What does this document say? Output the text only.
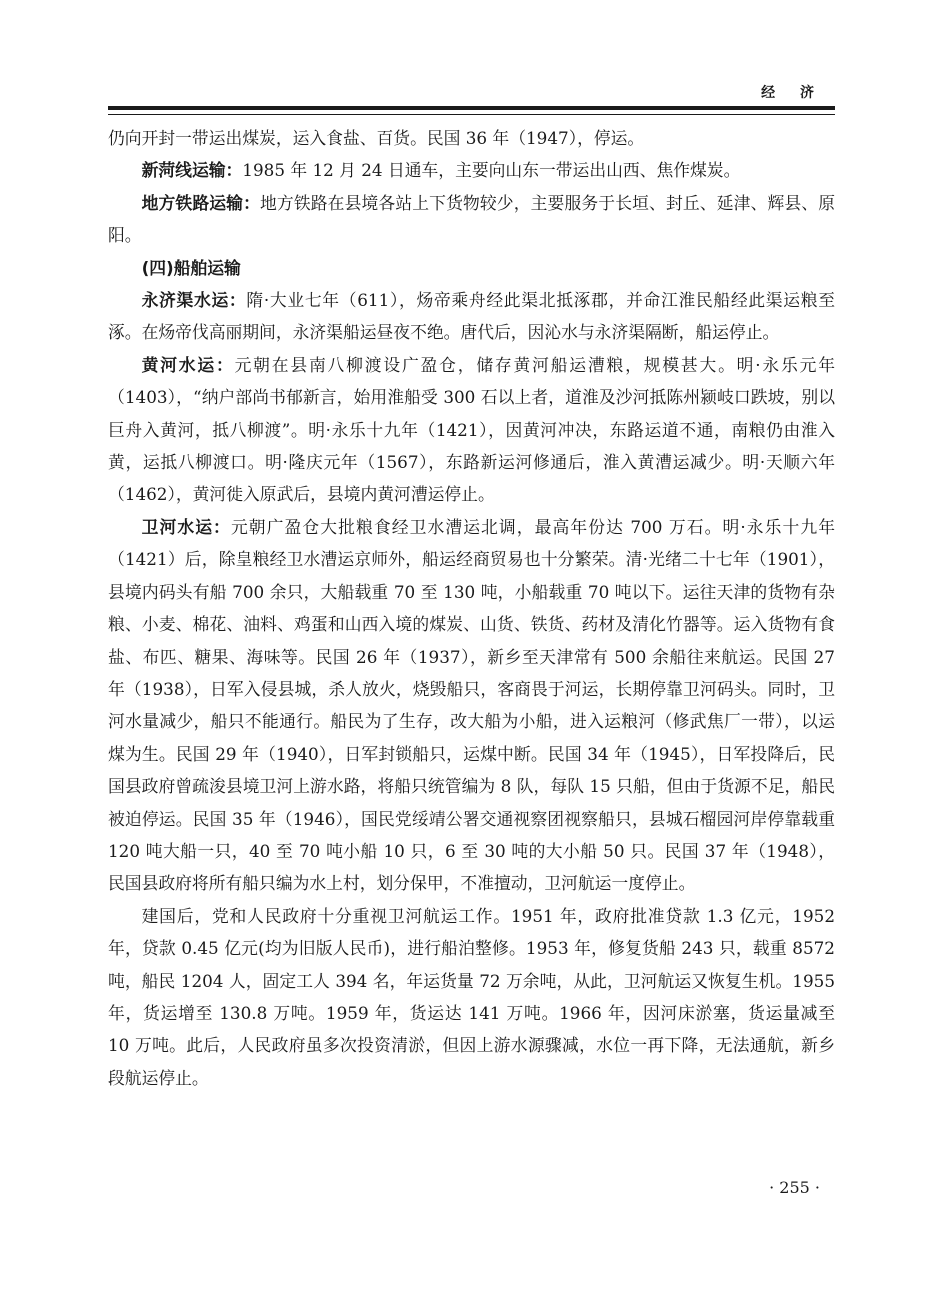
经 济

仍向开封一带运出煤炭，运入食盐、百货。民国 36 年（1947），停运。

新菏线运输：1985 年 12 月 24 日通车，主要向山东一带运出山西、焦作煤炭。

地方铁路运输：地方铁路在县境各站上下货物较少，主要服务于长垣、封丘、延津、辉县、原阳。

(四)船舶运输

永济渠水运：隋·大业七年（611），炀帝乘舟经此渠北抵涿郡，并命江淮民船经此渠运粮至涿。在炀帝伐高丽期间，永济渠船运昼夜不绝。唐代后，因沁水与永济渠隔断，船运停止。

黄河水运：元朝在县南八柳渡设广盈仓，储存黄河船运漕粮，规模甚大。明·永乐元年（1403），“纳户部尚书郁新言，始用淮船受 300 石以上者，道淮及沙河抵陈州颍岐口跌坡，别以巨舟入黄河，抵八柳渡”。明·永乐十九年（1421），因黄河冲决，东路运道不通，南粮仍由淮入黄，运抵八柳渡口。明·隆庆元年（1567），东路新运河修通后，淮入黄漕运减少。明·天顺六年（1462），黄河徙入原武后，县境内黄河漕运停止。

卫河水运：元朝广盈仓大批粮食经卫水漕运北调，最高年份达 700 万石。明·永乐十九年（1421）后，除皇粮经卫水漕运京师外，船运经商贸易也十分繁荣。清·光绪二十七年（1901），县境内码头有船 700 余只，大船载重 70 至 130 吨，小船载重 70 吨以下。运往天津的货物有杂粮、小麦、棉花、油料、鸡蛋和山西入境的煤炭、山货、铁货、药材及清化竹器等。运入货物有食盐、布匹、糖果、海味等。民国 26 年（1937），新乡至天津常有 500 余船往来航运。民国 27 年（1938），日军入侵县城，杀人放火，烧毁船只，客商畏于河运，长期停靠卫河码头。同时，卫河水量减少，船只不能通行。船民为了生存，改大船为小船，进入运粮河（修武焦厂一带），以运煤为生。民国 29 年（1940），日军封锁船只，运煤中断。民国 34 年（1945），日军投降后，民国县政府曾疏浚县境卫河上游水路，将船只统管编为 8 队，每队 15 只船，但由于货源不足，船民被迫停运。民国 35 年（1946），国民党绥靖公署交通视察团视察船只，县城石榴园河岸停靠载重 120 吨大船一只，40 至 70 吨小船 10 只，6 至 30 吨的大小船 50 只。民国 37 年（1948），民国县政府将所有船只编为水上村，划分保甲，不准擅动，卫河航运一度停止。

建国后，党和人民政府十分重视卫河航运工作。1951 年，政府批准贷款 1.3 亿元，1952 年，贷款 0.45 亿元(均为旧版人民币)，进行船泊整修。1953 年，修复货船 243 只，载重 8572 吨，船民 1204 人，固定工人 394 名，年运货量 72 万余吨，从此，卫河航运又恢复生机。1955 年，货运增至 130.8 万吨。1959 年，货运达 141 万吨。1966 年，因河床淤塞，货运量减至 10 万吨。此后，人民政府虽多次投资清淤，但因上游水源骤减，水位一再下降，无法通航，新乡段航运停止。

· 255 ·
